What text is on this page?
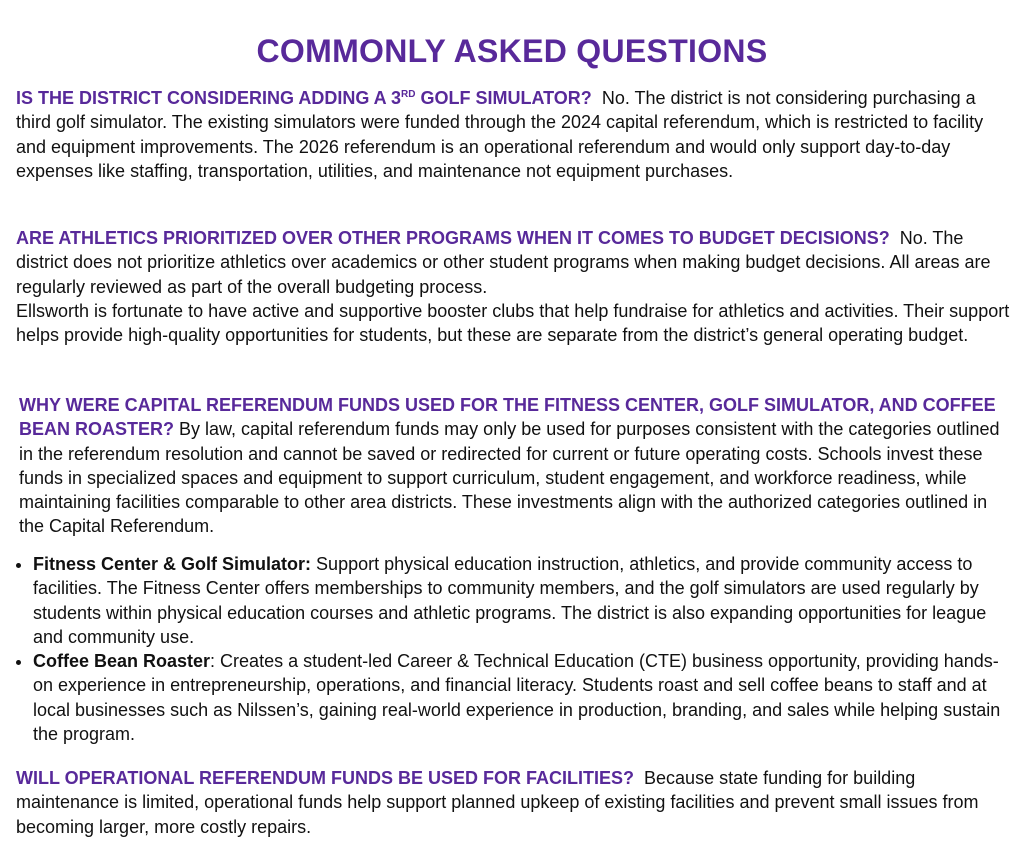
COMMONLY ASKED QUESTIONS
IS THE DISTRICT CONSIDERING ADDING A 3RD GOLF SIMULATOR? No. The district is not considering purchasing a third golf simulator. The existing simulators were funded through the 2024 capital referendum, which is restricted to facility and equipment improvements. The 2026 referendum is an operational referendum and would only support day-to-day expenses like staffing, transportation, utilities, and maintenance not equipment purchases.
ARE ATHLETICS PRIORITIZED OVER OTHER PROGRAMS WHEN IT COMES TO BUDGET DECISIONS? No. The district does not prioritize athletics over academics or other student programs when making budget decisions. All areas are regularly reviewed as part of the overall budgeting process.
Ellsworth is fortunate to have active and supportive booster clubs that help fundraise for athletics and activities. Their support helps provide high-quality opportunities for students, but these are separate from the district’s general operating budget.
WHY WERE CAPITAL REFERENDUM FUNDS USED FOR THE FITNESS CENTER, GOLF SIMULATOR, AND COFFEE BEAN ROASTER? By law, capital referendum funds may only be used for purposes consistent with the categories outlined in the referendum resolution and cannot be saved or redirected for current or future operating costs. Schools invest these funds in specialized spaces and equipment to support curriculum, student engagement, and workforce readiness, while maintaining facilities comparable to other area districts. These investments align with the authorized categories outlined in the Capital Referendum.
• Fitness Center & Golf Simulator: Support physical education instruction, athletics, and provide community access to facilities. The Fitness Center offers memberships to community members, and the golf simulators are used regularly by students within physical education courses and athletic programs. The district is also expanding opportunities for league and community use.
• Coffee Bean Roaster: Creates a student-led Career & Technical Education (CTE) business opportunity, providing hands-on experience in entrepreneurship, operations, and financial literacy. Students roast and sell coffee beans to staff and at local businesses such as Nilssen’s, gaining real-world experience in production, branding, and sales while helping sustain the program.
WILL OPERATIONAL REFERENDUM FUNDS BE USED FOR FACILITIES? Because state funding for building maintenance is limited, operational funds help support planned upkeep of existing facilities and prevent small issues from becoming larger, more costly repairs.
